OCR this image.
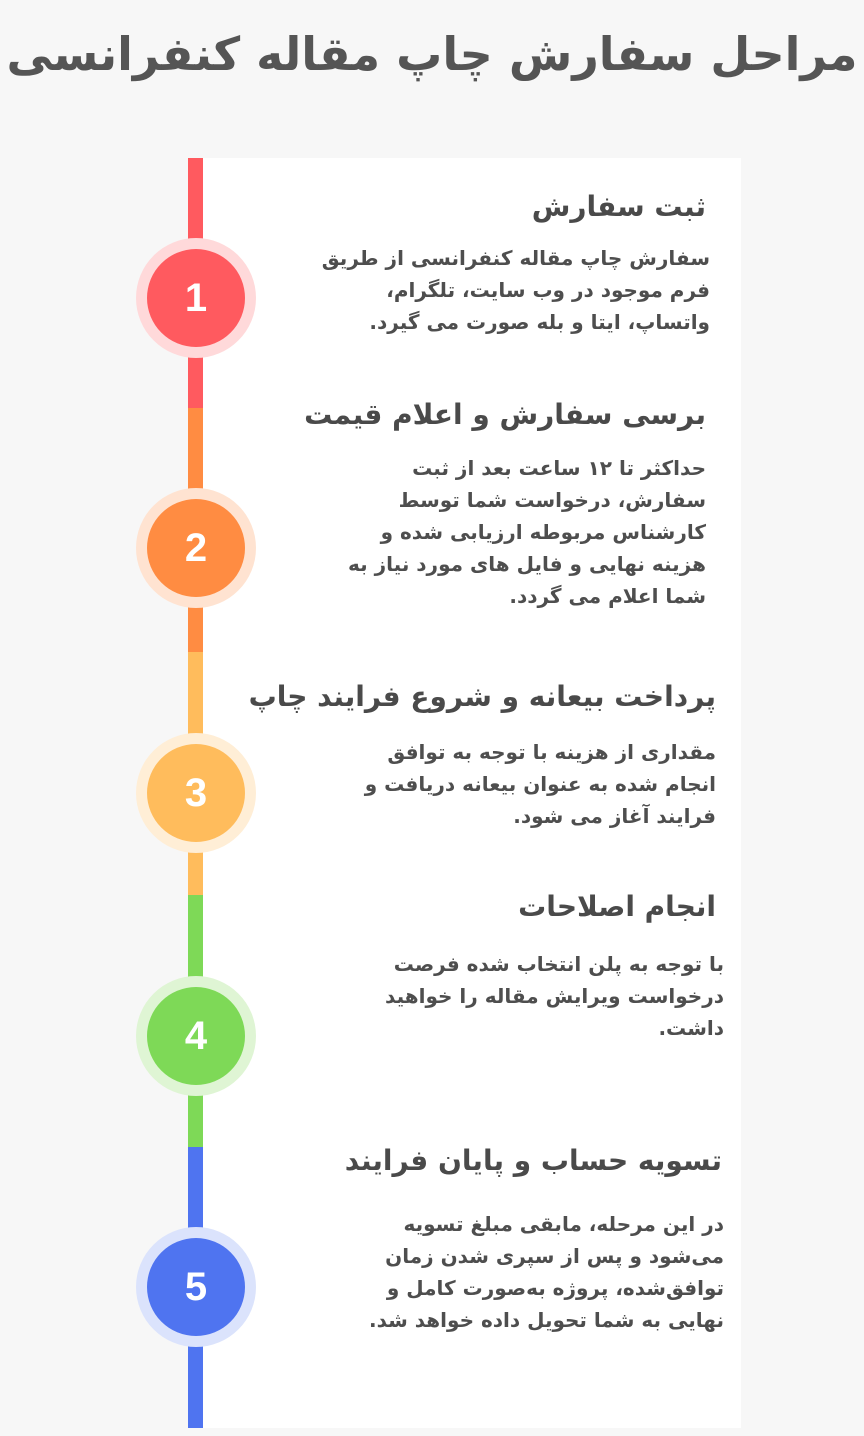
مراحل سفارش چاپ مقاله کنفرانسی
1
ثبت سفارش

سفارش چاپ مقاله کنفرانسی از طریق فرم موجود در وب سایت، تلگرام، واتساپ، ایتا و بله صورت می گیرد.

2
برسی سفارش و اعلام قیمت

حداکثر تا ۱۲ ساعت بعد از ثبت سفارش، درخواست شما توسط کارشناس مربوطه ارزیابی شده و هزینه نهایی و فایل های مورد نیاز به شما اعلام می گردد.

3
پرداخت بیعانه و شروع فرایند چاپ

مقداری از هزینه با توجه به توافق انجام شده به عنوان بیعانه دریافت و فرایند آغاز می شود.

4
انجام اصلاحات

با توجه به پلن انتخاب شده فرصت درخواست ویرایش مقاله را خواهید داشت.

5
تسویه حساب و پایان فرایند

در این مرحله، مابقی مبلغ تسویه می‌شود و پس از سپری شدن زمان توافق‌شده، پروژه به‌صورت کامل و نهایی به شما تحویل داده خواهد شد.
